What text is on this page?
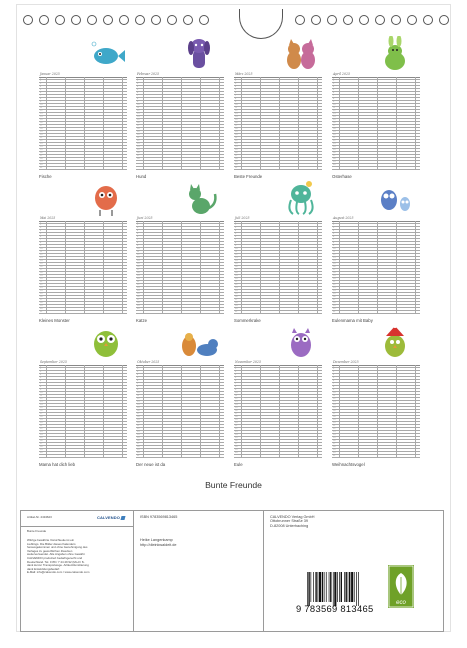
Januar 2025
1
2
3
4
5
6
7
8
9
10
11
12
13
14
15
16
17
18
19
20
21
22
23
24
25
26
27
28
29
30
31
Fische
Februar 2025
1
2
3
4
5
6
7
8
9
10
11
12
13
14
15
16
17
18
19
20
21
22
23
24
25
26
27
28
Hund
März 2025
1
2
3
4
5
6
7
8
9
10
11
12
13
14
15
16
17
18
19
20
21
22
23
24
25
26
27
28
29
30
31
Beste Freunde
April 2025
1
2
3
4
5
6
7
8
9
10
11
12
13
14
15
16
17
18
19
20
21
22
23
24
25
26
27
28
29
30
Osterhase
Mai 2025
1
2
3
4
5
6
7
8
9
10
11
12
13
14
15
16
17
18
19
20
21
22
23
24
25
26
27
28
29
30
31
Kleines Monster
Juni 2025
1
2
3
4
5
6
7
8
9
10
11
12
13
14
15
16
17
18
19
20
21
22
23
24
25
26
27
28
29
30
Katze
Juli 2025
1
2
3
4
5
6
7
8
9
10
11
12
13
14
15
16
17
18
19
20
21
22
23
24
25
26
27
28
29
30
31
Sommerkrake
August 2025
1
2
3
4
5
6
7
8
9
10
11
12
13
14
15
16
17
18
19
20
21
22
23
24
25
26
27
28
29
30
31
Eulenmama mit Baby
September 2025
1
2
3
4
5
6
7
8
9
10
11
12
13
14
15
16
17
18
19
20
21
22
23
24
25
26
27
28
29
30
Mama hat dich lieb
Oktober 2025
1
2
3
4
5
6
7
8
9
10
11
12
13
14
15
16
17
18
19
20
21
22
23
24
25
26
27
28
29
30
31
Der neue ist da
November 2025
1
2
3
4
5
6
7
8
9
10
11
12
13
14
15
16
17
18
19
20
21
22
23
24
25
26
27
28
29
30
Eule
Dezember 2025
1
2
3
4
5
6
7
8
9
10
11
12
13
14
15
16
17
18
19
20
21
22
23
24
25
26
27
28
29
30
31
Weihnachtsvogel
Bunte Freunde
Artikel-Nr. 2434623	CALVENDO
Bunte Freunde
Witzige bewährte Vorsichteule ist ein
Lieblings. Die Bilder dieses Kalenders
herausgekommen und ohne Genehmigung des
Verlages zu gewerblichen Zwecken
weiterverwendet. Alle Angaben ohne Gewähr.
CALVENDO produziert bedarfsgerecht und
Deutschland. Tel. 0 89 / 7 44 49 92 (Mo-Fr 8-
dank kurzer Transportwege. Artikel-Remittierung
dank Entwicklungsbedarf.
E-Mail: info@calvendo.com / www.calvendo.com
ISBN 9783569813465
Heike Langenkamp
http://dieinkwaldeit.de
CALVENDO Verlag GmbH
Ottobrunner Straße 39
D-82008 Unterhaching
9 783569 813465	eco
